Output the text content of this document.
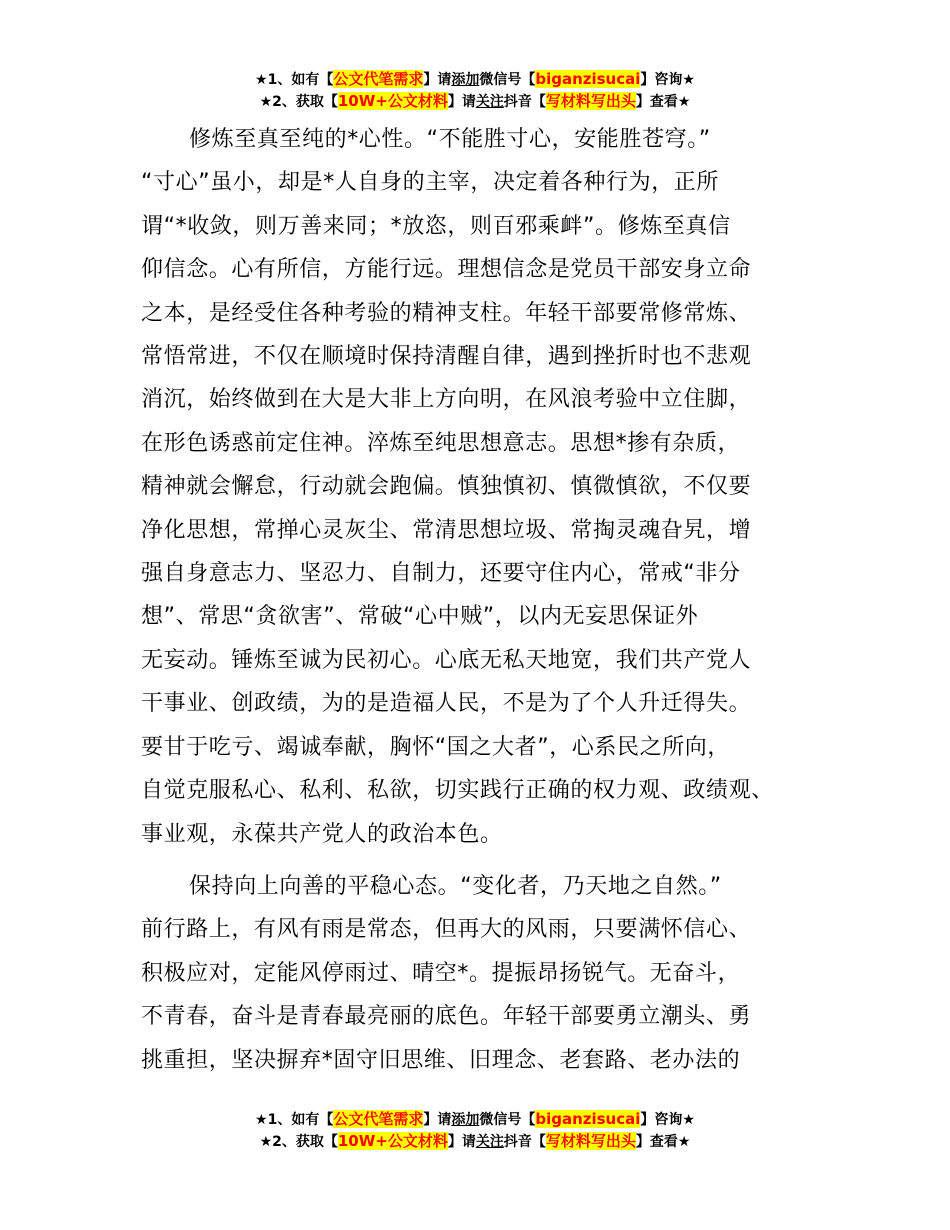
★1、如有【公文代笔需求】请添加微信号【biganzisucai】咨询★
★2、获取【10W+公文材料】请关注抖音【写材料写出头】查看★

修炼至真至纯的*心性。“不能胜寸心，安能胜苍穹。”
“寸心”虽小，却是*人自身的主宰，决定着各种行为，正所
谓“*收敛，则万善来同；*放恣，则百邪乘衅”。修炼至真信
仰信念。心有所信，方能行远。理想信念是党员干部安身立命
之本，是经受住各种考验的精神支柱。年轻干部要常修常炼、
常悟常进，不仅在顺境时保持清醒自律，遇到挫折时也不悲观
消沉，始终做到在大是大非上方向明，在风浪考验中立住脚，
在形色诱惑前定住神。淬炼至纯思想意志。思想*掺有杂质，
精神就会懈怠，行动就会跑偏。慎独慎初、慎微慎欲，不仅要
净化思想，常掸心灵灰尘、常清思想垃圾、常掏灵魂旮旯，增
强自身意志力、坚忍力、自制力，还要守住内心，常戒“非分
想”、常思“贪欲害”、常破“心中贼”，以内无妄思保证外
无妄动。锤炼至诚为民初心。心底无私天地宽，我们共产党人
干事业、创政绩，为的是造福人民，不是为了个人升迁得失。
要甘于吃亏、竭诚奉献，胸怀“国之大者”，心系民之所向，
自觉克服私心、私利、私欲，切实践行正确的权力观、政绩观、
事业观，永葆共产党人的政治本色。

保持向上向善的平稳心态。“变化者，乃天地之自然。”
前行路上，有风有雨是常态，但再大的风雨，只要满怀信心、
积极应对，定能风停雨过、晴空*。提振昂扬锐气。无奋斗，
不青春，奋斗是青春最亮丽的底色。年轻干部要勇立潮头、勇
挑重担，坚决摒弃*固守旧思维、旧理念、老套路、老办法的

★1、如有【公文代笔需求】请添加微信号【biganzisucai】咨询★
★2、获取【10W+公文材料】请关注抖音【写材料写出头】查看★
